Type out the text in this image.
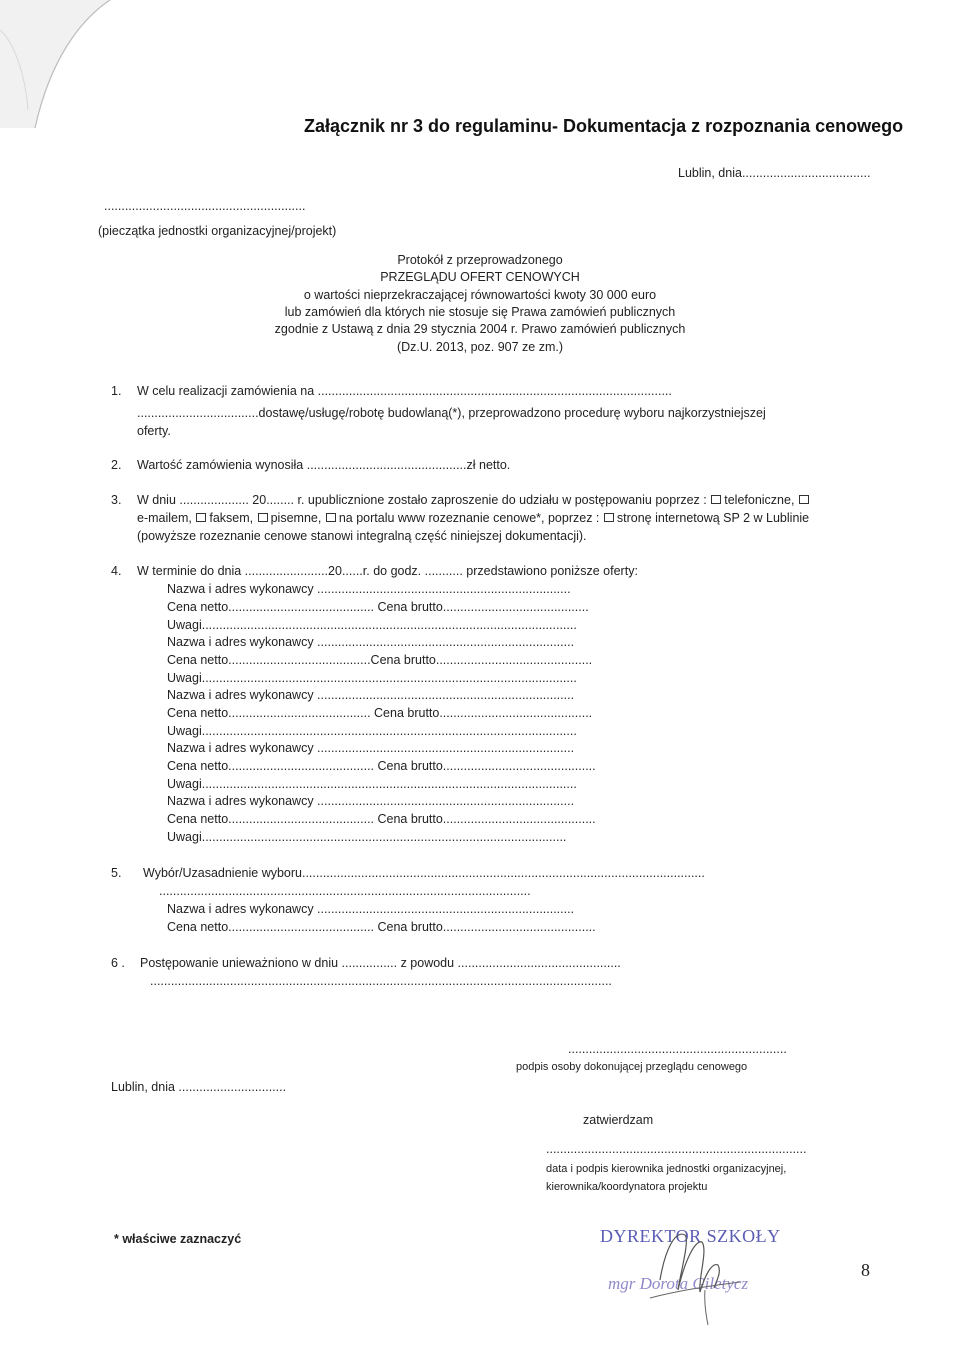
Załącznik nr 3 do regulaminu- Dokumentacja z rozpoznania cenowego
Lublin, dnia.....................................
..........................................................
(pieczątka jednostki organizacyjnej/projekt)
Protokół z przeprowadzonego
PRZEGLĄDU OFERT CENOWYCH
o wartości nieprzekraczającej równowartości kwoty 30 000 euro
lub zamówień dla których nie stosuje się Prawa zamówień publicznych
zgodnie z Ustawą z dnia 29 stycznia 2004 r. Prawo zamówień publicznych
(Dz.U. 2013, poz. 907 ze zm.)
1. W celu realizacji zamówienia na ......................................................................................................
...................................dostawę/usługę/robotę budowlaną(*), przeprowadzono procedurę wyboru najkorzystniejszej
oferty.
2. Wartość zamówienia wynosiła ..............................................zł netto.
3. W dniu .................... 20........ r. upublicznione zostało zaproszenie do udziału w postępowaniu poprzez : telefoniczne,
e-mailem, faksem, pisemne, na portalu www rozeznanie cenowe*, poprzez : stronę internetową SP 2 w Lublinie
(powyższe rozeznanie cenowe stanowi integralną część niniejszej dokumentacji).
4. W terminie do dnia ........................20......r. do godz. ........... przedstawiono poniższe oferty:
Nazwa i adres wykonawcy .........................................................................
Cena netto.......................................... Cena brutto..........................................
Uwagi............................................................................................................
Nazwa i adres wykonawcy ..........................................................................
Cena netto.........................................Cena brutto.............................................
Uwagi............................................................................................................
Nazwa i adres wykonawcy ..........................................................................
Cena netto......................................... Cena brutto............................................
Uwagi............................................................................................................
Nazwa i adres wykonawcy ..........................................................................
Cena netto.......................................... Cena brutto............................................
Uwagi............................................................................................................
Nazwa i adres wykonawcy ..........................................................................
Cena netto.......................................... Cena brutto............................................
Uwagi.........................................................................................................
5. Wybór/Uzasadnienie wyboru....................................................................................................................
...........................................................................................................
Nazwa i adres wykonawcy ..........................................................................
Cena netto.......................................... Cena brutto............................................
6 . Postępowanie unieważniono w dniu ................ z powodu ...............................................
.....................................................................................................................................
...............................................................
podpis osoby dokonującej przeglądu cenowego
Lublin, dnia ...............................
zatwierdzam
...........................................................................
data i podpis kierownika jednostki organizacyjnej,
kierownika/koordynatora projektu
* właściwe zaznaczyć	DYREKTOR SZKOŁY
mgr Dorota Giletycz
8
